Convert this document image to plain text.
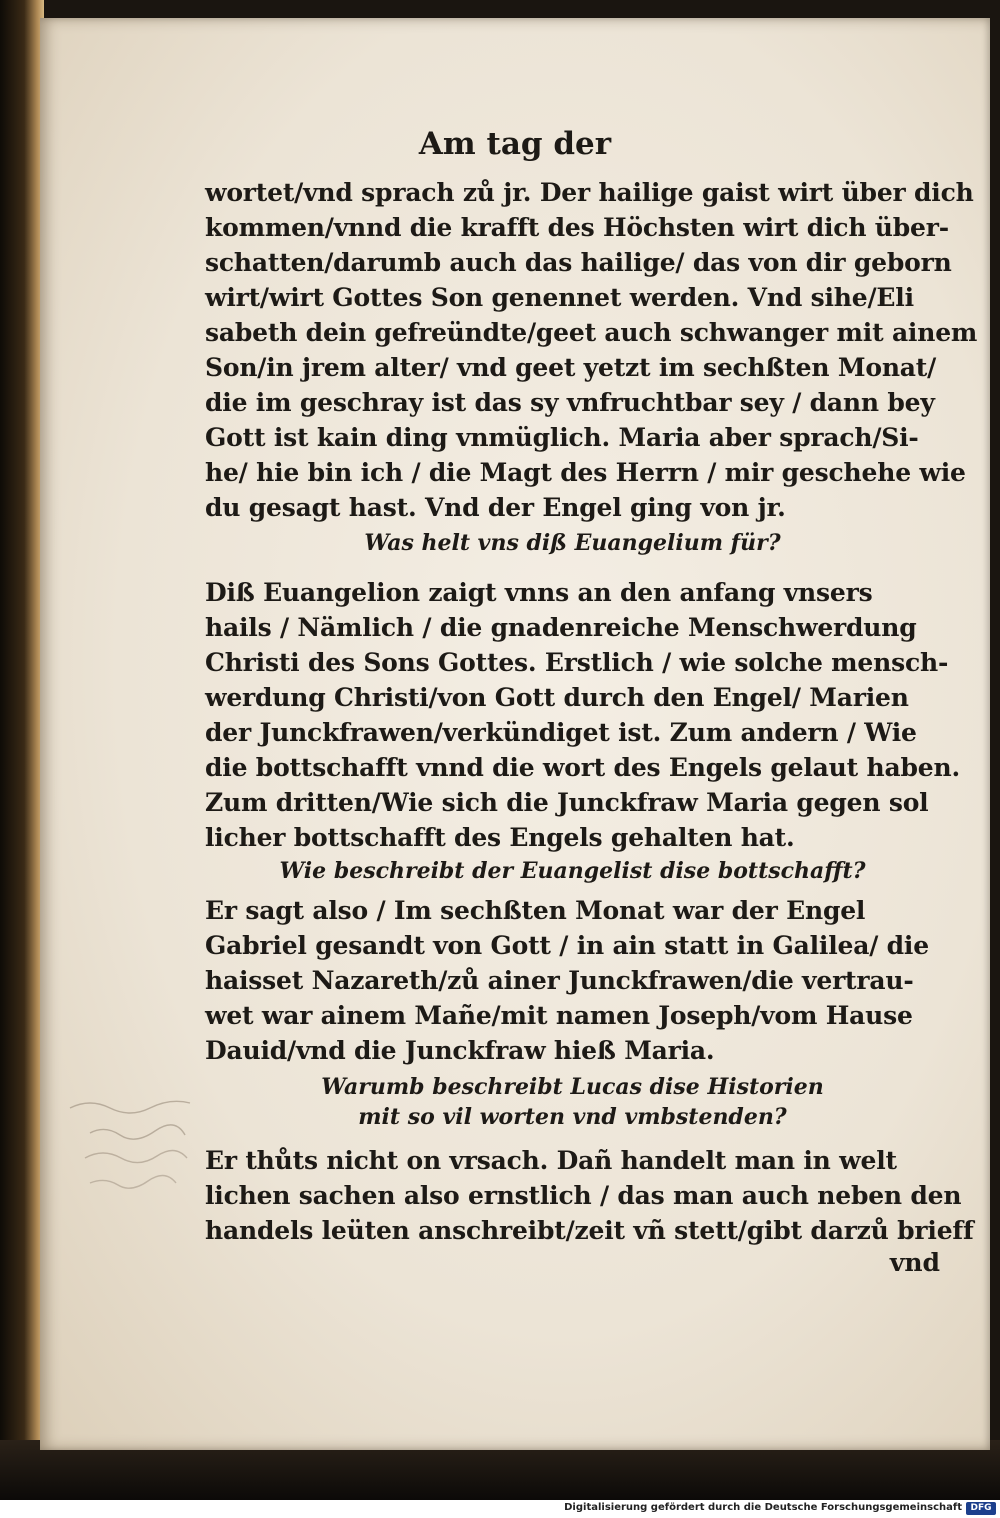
Am tag der
wortet/vnd sprach zů jr. Der hailige gaist wirt über dich
kommen/vnnd die krafft des Höchsten wirt dich über-
schatten/darumb auch das hailige/ das von dir geborn
wirt/wirt Gottes Son genennet werden. Vnd sihe/Eli
sabeth dein gefreündte/geet auch schwanger mit ainem
Son/in jrem alter/ vnd geet yetzt im sechßten Monat/
die im geschray ist das sy vnfruchtbar sey / dann bey
Gott ist kain ding vnmüglich. Maria aber sprach/Si-
he/ hie bin ich / die Magt des Herrn / mir geschehe wie
du gesagt hast. Vnd der Engel ging von jr.
Was helt vns diß Euangelium für?
Diß Euangelion zaigt vnns an den anfang vnsers
hails / Nämlich / die gnadenreiche Menschwerdung
Christi des Sons Gottes. Erstlich / wie solche mensch-
werdung Christi/von Gott durch den Engel/ Marien
der Junckfrawen/verkündiget ist. Zum andern / Wie
die bottschafft vnnd die wort des Engels gelaut haben.
Zum dritten/Wie sich die Junckfraw Maria gegen sol
licher bottschafft des Engels gehalten hat.
Wie beschreibt der Euangelist dise bottschafft?
Er sagt also / Im sechßten Monat war der Engel
Gabriel gesandt von Gott / in ain statt in Galilea/ die
haisset Nazareth/zů ainer Junckfrawen/die vertrau-
wet war ainem Mañe/mit namen Joseph/vom Hause
Dauid/vnd die Junckfraw hieß Maria.
Warumb beschreibt Lucas dise Historien
mit so vil worten vnd vmbstenden?
Er thůts nicht on vrsach. Dañ handelt man in welt
lichen sachen also ernstlich / das man auch neben den
handels leüten anschreibt/zeit vñ stett/gibt darzů brieff
vnd
Digitalisierung gefördert durch die Deutsche Forschungsgemeinschaft DFG
